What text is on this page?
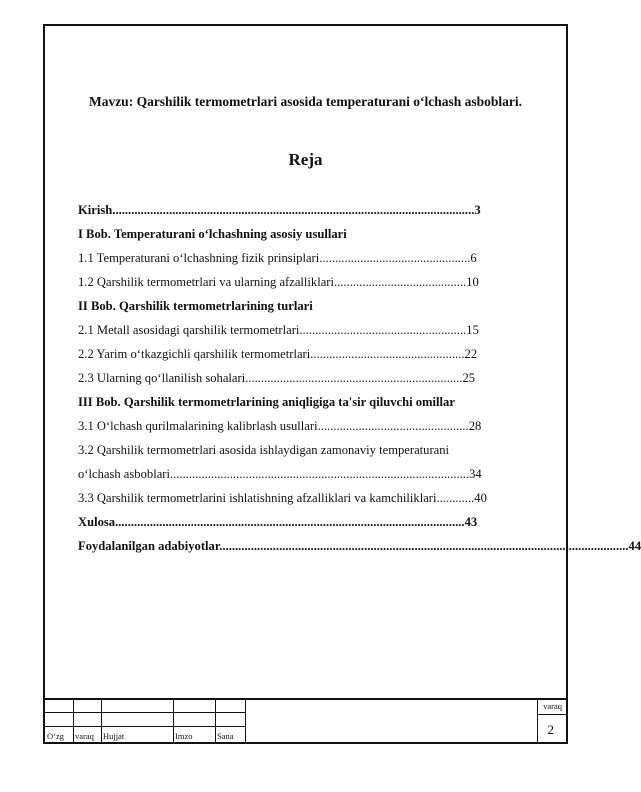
Mavzu: Qarshilik termometrlari asosida temperaturani o‘lchash asboblari.
Reja
Kirish...................................................................................................................3
I Bob. Temperaturani o‘lchashning asosiy usullari
1.1 Temperaturani o‘lchashning fizik prinsiplari................................................6
1.2 Qarshilik termometrlari va ularning afzalliklari..........................................10
II Bob. Qarshilik termometrlarining turlari
2.1 Metall asosidagi qarshilik termometrlari.....................................................15
2.2 Yarim o‘tkazgichli qarshilik termometrlari.................................................22
2.3 Ularning qo‘llanilish sohalari.....................................................................25
III Bob. Qarshilik termometrlarining aniqligiga ta'sir qiluvchi omillar
3.1 O‘lchash qurilmalarining kalibrlash usullari................................................28
3.2 Qarshilik termometrlari asosida ishlaydigan zamonaviy temperaturani
o‘lchash asboblari...............................................................................................34
3.3 Qarshilik termometrlarini ishlatishning afzalliklari va kamchiliklari............40
Xulosa...............................................................................................................43
Foydalanilgan adabiyotlar..................................................................................................................................44
O‘zg varaq Hujjat	Imzo	Sana
varaq
2
